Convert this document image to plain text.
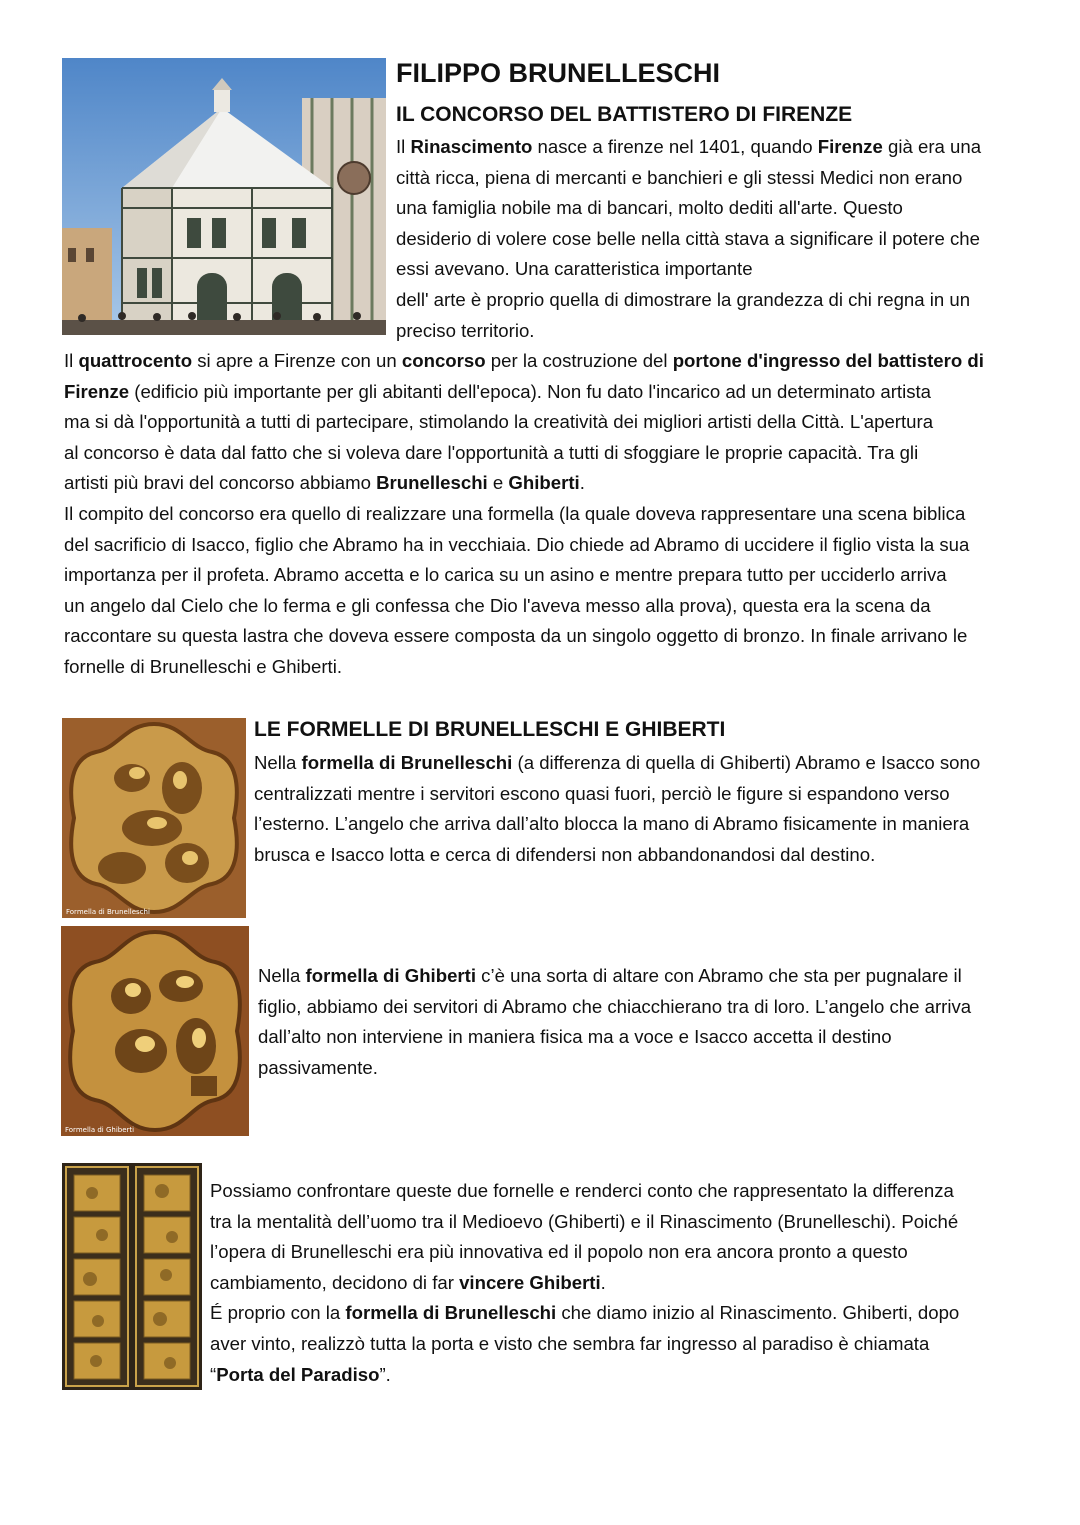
FILIPPO BRUNELLESCHI
IL CONCORSO DEL BATTISTERO DI FIRENZE

Il Rinascimento nasce a firenze nel 1401, quando Firenze già era una

città ricca, piena di mercanti e banchieri e gli stessi Medici non erano

una famiglia nobile ma di bancari, molto dediti all'arte. Questo

desiderio di volere cose belle nella città stava a significare il potere che

essi avevano. Una caratteristica importante

dell' arte è proprio quella di dimostrare la grandezza di chi regna in un

preciso territorio.

Il quattrocento si apre a Firenze con un concorso per la costruzione del portone d'ingresso del battistero di

Firenze (edificio più importante per gli abitanti dell'epoca). Non fu dato l'incarico ad un determinato artista

ma si dà l'opportunità a tutti di partecipare, stimolando la creatività dei migliori artisti della Città. L'apertura

al concorso è data dal fatto che si voleva dare l'opportunità a tutti di sfoggiare le proprie capacità. Tra gli

artisti più bravi del concorso abbiamo Brunelleschi e Ghiberti.

Il compito del concorso era quello di realizzare una formella (la quale doveva rappresentare una scena biblica

del sacrificio di Isacco, figlio che Abramo ha in vecchiaia. Dio chiede ad Abramo di uccidere il figlio vista la sua

importanza per il profeta. Abramo accetta e lo carica su un asino e mentre prepara tutto per ucciderlo arriva

un angelo dal Cielo che lo ferma e gli confessa che Dio l'aveva messo alla prova), questa era la scena da

raccontare su questa lastra che doveva essere composta da un singolo oggetto di bronzo. In finale arrivano le

fornelle di Brunelleschi e Ghiberti.

Formella di Brunelleschi
LE FORMELLE DI BRUNELLESCHI E GHIBERTI

Nella formella di Brunelleschi (a differenza di quella di Ghiberti) Abramo e Isacco sono

centralizzati mentre i servitori escono quasi fuori, perciò le figure si espandono verso

l’esterno. L’angelo che arriva dall’alto blocca la mano di Abramo fisicamente in maniera

brusca e Isacco lotta e cerca di difendersi non abbandonandosi dal destino.

Formella di Ghiberti

Nella formella di Ghiberti c’è una sorta di altare con Abramo che sta per pugnalare il

figlio, abbiamo dei servitori di Abramo che chiacchierano tra di loro. L’angelo che arriva

dall’alto non interviene in maniera fisica ma a voce e Isacco accetta il destino

passivamente.

Possiamo confrontare queste due fornelle e renderci conto che rappresentato la differenza

tra la mentalità dell’uomo tra il Medioevo (Ghiberti) e il Rinascimento (Brunelleschi). Poiché

l’opera di Brunelleschi era più innovativa ed il popolo non era ancora pronto a questo

cambiamento, decidono di far vincere Ghiberti.

É proprio con la formella di Brunelleschi che diamo inizio al Rinascimento. Ghiberti, dopo

aver vinto, realizzò tutta la porta e visto che sembra far ingresso al paradiso è chiamata

“Porta del Paradiso”.
